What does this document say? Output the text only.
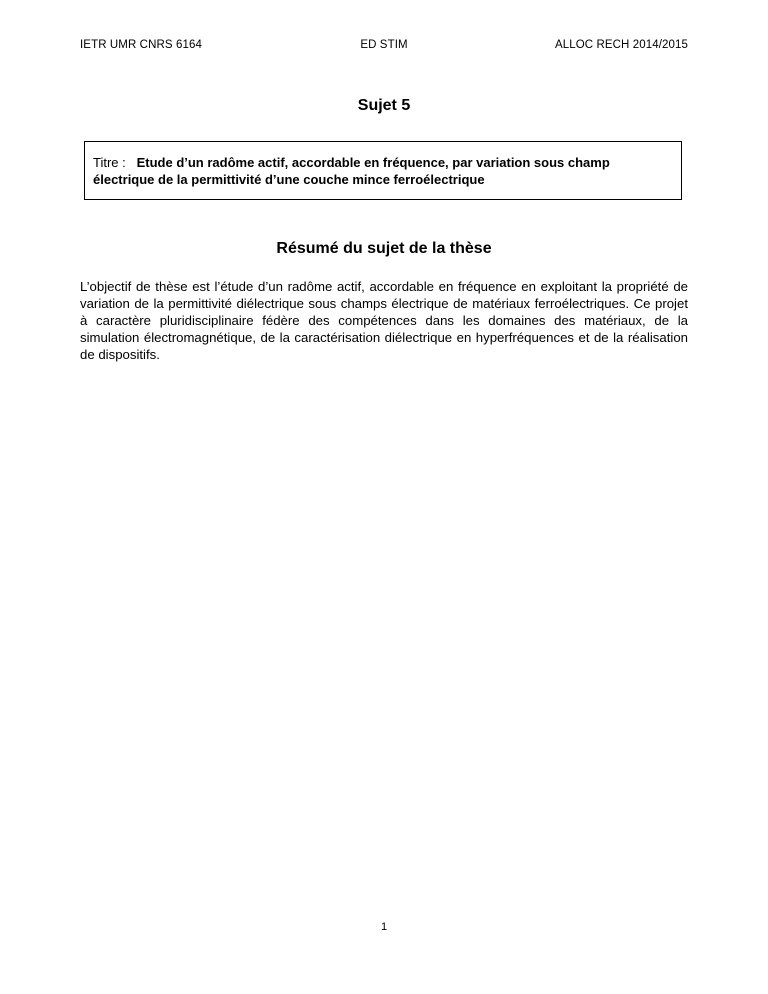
IETR UMR CNRS 6164	ED STIM	ALLOC RECH 2014/2015
Sujet 5
Titre : Etude d’un radôme actif, accordable en fréquence, par variation sous champ électrique de la permittivité d’une couche mince ferroélectrique
Résumé du sujet de la thèse

L’objectif de thèse est l’étude d’un radôme actif, accordable en fréquence en exploitant la propriété de variation de la permittivité diélectrique sous champs électrique de matériaux ferroélectriques. Ce projet à caractère pluridisciplinaire fédère des compétences dans les domaines des matériaux, de la simulation électromagnétique, de la caractérisation diélectrique en hyperfréquences et de la réalisation de dispositifs.

1
